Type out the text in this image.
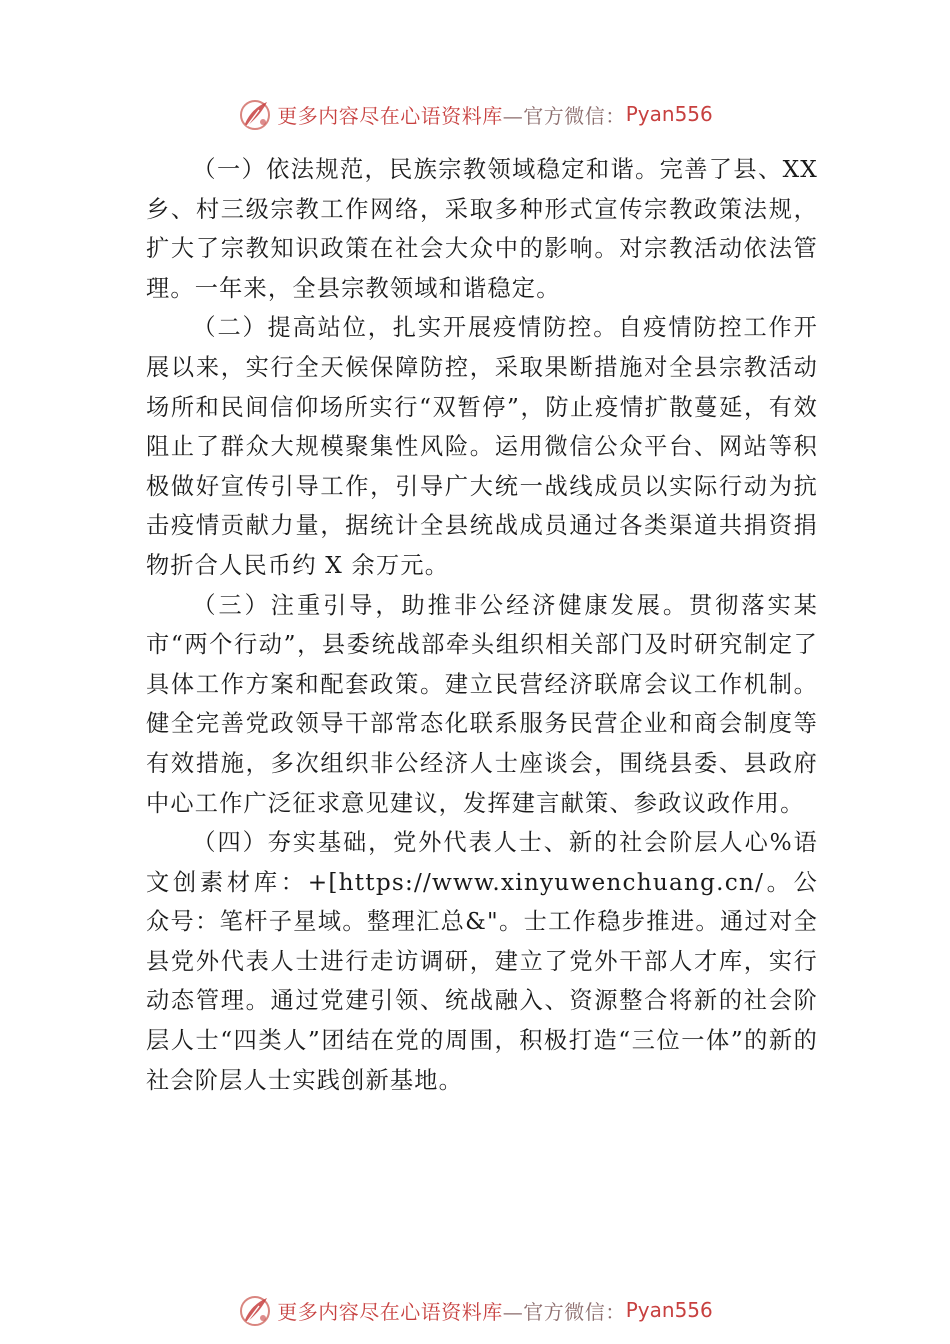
更多内容尽在心语资料库 —官方微信： Pyan556

（一）依法规范，民族宗教领域稳定和谐。完善了县、XX乡、村三级宗教工作网络，采取多种形式宣传宗教政策法规，扩大了宗教知识政策在社会大众中的影响。对宗教活动依法管理。一年来，全县宗教领域和谐稳定。

（二）提高站位，扎实开展疫情防控。自疫情防控工作开展以来，实行全天候保障防控，采取果断措施对全县宗教活动场所和民间信仰场所实行“双暂停”，防止疫情扩散蔓延，有效阻止了群众大规模聚集性风险。运用微信公众平台、网站等积极做好宣传引导工作，引导广大统一战线成员以实际行动为抗击疫情贡献力量，据统计全县统战成员通过各类渠道共捐资捐物折合人民币约 X 余万元。

（三）注重引导，助推非公经济健康发展。贯彻落实某市“两个行动”，县委统战部牵头组织相关部门及时研究制定了具体工作方案和配套政策。建立民营经济联席会议工作机制。健全完善党政领导干部常态化联系服务民营企业和商会制度等有效措施，多次组织非公经济人士座谈会，围绕县委、县政府中心工作广泛征求意见建议，发挥建言献策、参政议政作用。

（四）夯实基础，党外代表人士、新的社会阶层人心%语文创素材库：+[https://www.xinyuwenchuang.cn/。公众号：笔杆子星域。整理汇总&"。士工作稳步推进。通过对全县党外代表人士进行走访调研，建立了党外干部人才库，实行动态管理。通过党建引领、统战融入、资源整合将新的社会阶层人士“四类人”团结在党的周围，积极打造“三位一体”的新的社会阶层人士实践创新基地。

更多内容尽在心语资料库 —官方微信： Pyan556
